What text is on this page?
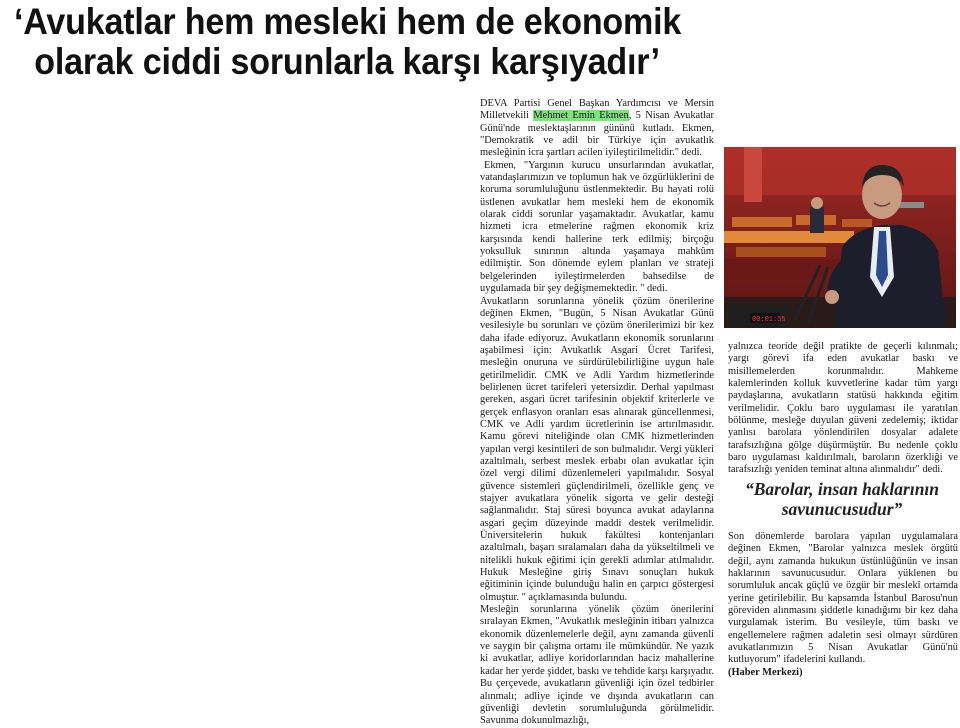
‘Avukatlar hem mesleki hem de ekonomik
olarak ciddi sorunlarla karşı karşıyadır’

DEVA Partisi Genel Başkan Yardımcısı ve Mersin Milletvekili Mehmet Emin Ekmen, 5 Nisan Avukatlar Günü'nde meslektaşlarının gününü kutladı. Ekmen, "Demokratik ve adil bir Türkiye için avukatlık mesleğinin icra şartları acilen iyileştirilmelidir." dedi.

Ekmen, "Yargının kurucu unsurlarından avukatlar, vatandaşlarımızın ve toplumun hak ve özgürlüklerini de koruma sorumluluğunu üstlenmektedir. Bu hayati rolü üstlenen avukatlar hem mesleki hem de ekonomik olarak ciddi sorunlar yaşamaktadır. Avukatlar, kamu hizmeti icra etmelerine rağmen ekonomik kriz karşısında kendi hallerine terk edilmiş; birçoğu yoksulluk sınırının altında yaşamaya mahkûm edilmiştir. Son dönemde eylem planları ve strateji belgelerinden iyileştirmelerden bahsedilse de uygulamada bir şey değişmemektedir. " dedi.

Avukatların sorunlarına yönelik çözüm önerilerine değinen Ekmen, "Bugün, 5 Nisan Avukatlar Günü vesilesiyle bu sorunları ve çözüm önerilerimizi bir kez daha ifade ediyoruz. Avukatların ekonomik sorunlarını aşabilmesi için: Avukatlık Asgari Ücret Tarifesi, mesleğin onuruna ve sürdürülebilirliğine uygun hale getirilmelidir. CMK ve Adli Yardım hizmetlerinde belirlenen ücret tarifeleri yetersizdir. Derhal yapılması gereken, asgari ücret tarifesinin objektif kriterlerle ve gerçek enflasyon oranları esas alınarak güncellenmesi, CMK ve Adli yardım ücretlerinin ise artırılmasıdır. Kamu görevi niteliğinde olan CMK hizmetlerinden yapılan vergi kesintileri de son bulmalıdır. Vergi yükleri azaltılmalı, serbest meslek erbabı olan avukatlar için özel vergi dilimi düzenlemeleri yapılmalıdır. Sosyal güvence sistemleri güçlendirilmeli, özellikle genç ve stajyer avukatlara yönelik sigorta ve gelir desteği sağlanmalıdır. Staj süresi boyunca avukat adaylarına asgari geçim düzeyinde maddi destek verilmelidir. Üniversitelerin hukuk fakültesi kontenjanları azaltılmalı, başarı sıralamaları daha da yükseltilmeli ve nitelikli hukuk eğitimi için gerekli adımlar atılmalıdır. Hukuk Mesleğine giriş Sınavı sonuçları hukuk eğitiminin içinde bulunduğu halin en çarpıcı göstergesi olmuştur. " açıklamasında bulundu.

Mesleğin sorunlarına yönelik çözüm önerilerini sıralayan Ekmen, "Avukatlık mesleğinin itibarı yalnızca ekonomik düzenlemelerle değil, aynı zamanda güvenli ve saygın bir çalışma ortamı ile mümkündür. Ne yazık ki avukatlar, adliye koridorlarından haciz mahallerine kadar her yerde şiddet, baskı ve tehdide karşı karşıyadır. Bu çerçevede, avukatların güvenliği için özel tedbirler alınmalı; adliye içinde ve dışında avukatların can güvenliği devletin sorumluluğunda görülmelidir. Savunma dokunulmazlığı,

00:01:55

yalnızca teoride değil pratikte de geçerli kılınmalı; yargı görevi ifa eden avukatlar baskı ve misillemelerden korunmalıdır. Mahkeme kalemlerinden kolluk kuvvetlerine kadar tüm yargı paydaşlarına, avukatların statüsü hakkında eğitim verilmelidir. Çoklu baro uygulaması ile yaratılan bölünme, mesleğe duyulan güveni zedelemiş; iktidar yanlısı barolara yönlendirilen dosyalar adalete tarafsızlığına gölge düşürmüştür. Bu nedenle çoklu baro uygulaması kaldırılmalı, baroların özerkliği ve tarafsızlığı yeniden teminat altına alınmalıdır" dedi.

“Barolar, insan haklarının savunucusudur”

Son dönemlerde barolara yapılan uygulamalara değinen Ekmen, "Barolar yalnızca meslek örgütü değil, aynı zamanda hukukun üstünlüğünün ve insan haklarının savunucusudur. Onlara yüklenen bu sorumluluk ancak güçlü ve özgür bir meslekî ortamda yerine getirilebilir. Bu kapsamda İstanbul Barosu'nun göreviden alınmasını şiddetle kınadığımı bir kez daha vurgulamak isterim. Bu vesileyle, tüm baskı ve engellemelere rağmen adaletin sesi olmayı sürdüren avukatlarımızın 5 Nisan Avukatlar Günü'nü kutluyorum" ifadelerini kullandı.

(Haber Merkezi)
